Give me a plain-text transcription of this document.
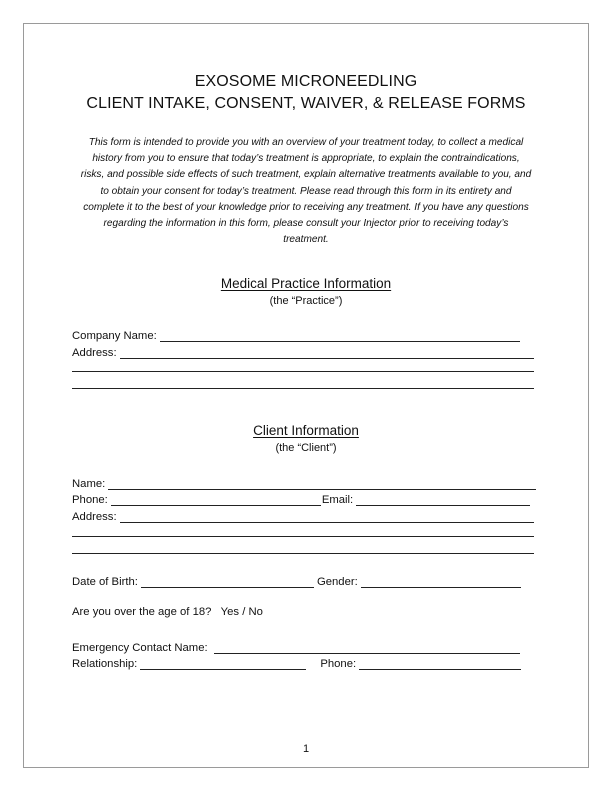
EXOSOME MICRONEEDLING
CLIENT INTAKE, CONSENT, WAIVER, & RELEASE FORMS
This form is intended to provide you with an overview of your treatment today, to collect a medical history from you to ensure that today’s treatment is appropriate, to explain the contraindications, risks, and possible side effects of such treatment, explain alternative treatments available to you, and to obtain your consent for today’s treatment. Please read through this form in its entirety and complete it to the best of your knowledge prior to receiving any treatment. If you have any questions regarding the information in this form, please consult your Injector prior to receiving today’s treatment.
Medical Practice Information
(the “Practice”)
Company Name:
Address:
Client Information
(the “Client”)
Name:
Phone:	Email:
Address:
Date of Birth:	Gender:
Are you over the age of 18? Yes / No
Emergency Contact Name:
Relationship:	Phone:
1
